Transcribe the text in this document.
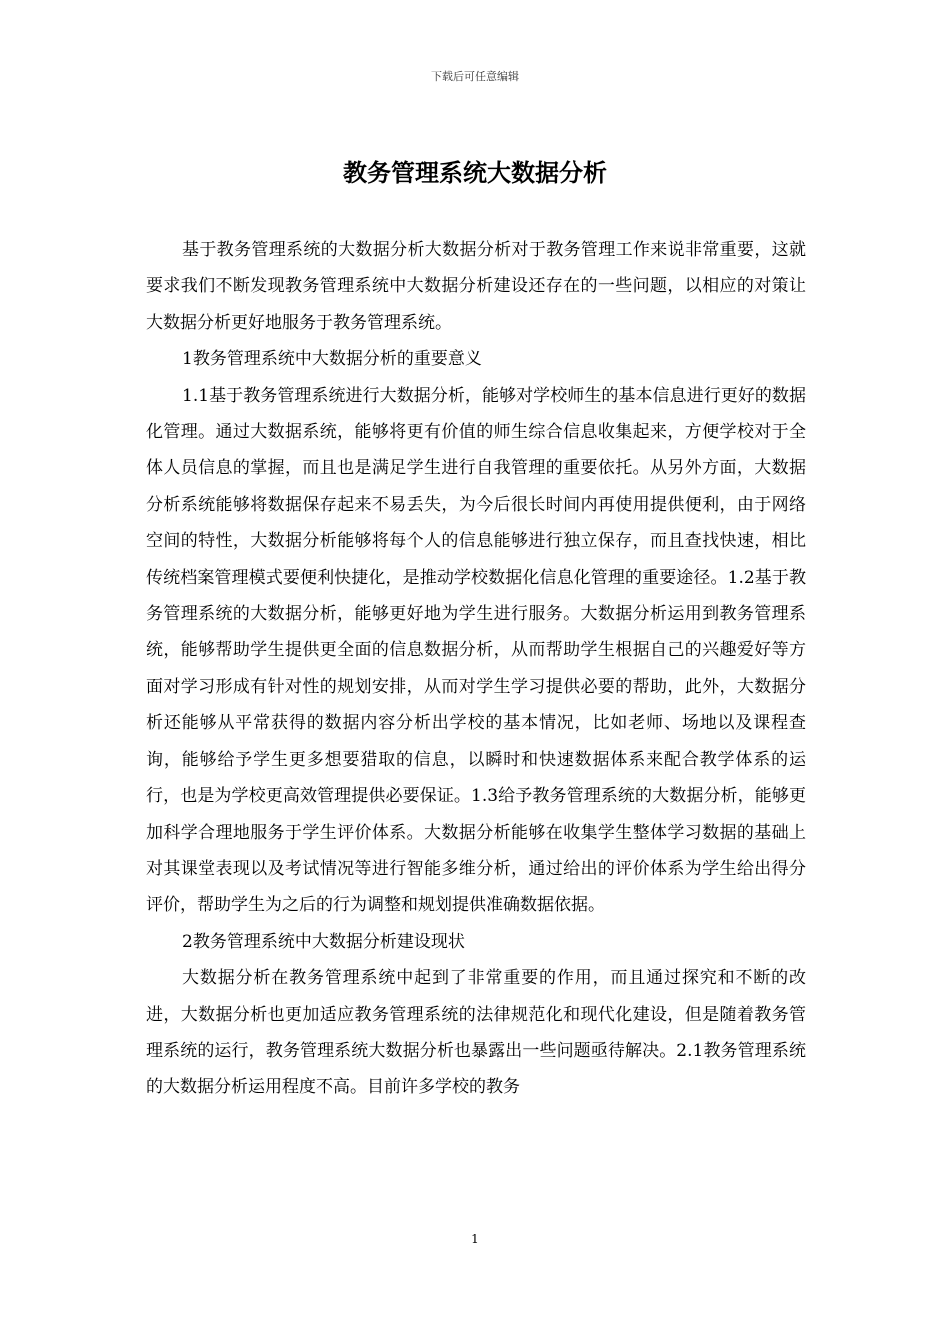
下载后可任意编辑
教务管理系统大数据分析

基于教务管理系统的大数据分析大数据分析对于教务管理工作来说非常重要，这就要求我们不断发现教务管理系统中大数据分析建设还存在的一些问题，以相应的对策让大数据分析更好地服务于教务管理系统。

1教务管理系统中大数据分析的重要意义

1.1基于教务管理系统进行大数据分析，能够对学校师生的基本信息进行更好的数据化管理。通过大数据系统，能够将更有价值的师生综合信息收集起来，方便学校对于全体人员信息的掌握，而且也是满足学生进行自我管理的重要依托。从另外方面，大数据分析系统能够将数据保存起来不易丢失，为今后很长时间内再使用提供便利，由于网络空间的特性，大数据分析能够将每个人的信息能够进行独立保存，而且查找快速，相比传统档案管理模式要便利快捷化，是推动学校数据化信息化管理的重要途径。1.2基于教务管理系统的大数据分析，能够更好地为学生进行服务。大数据分析运用到教务管理系统，能够帮助学生提供更全面的信息数据分析，从而帮助学生根据自己的兴趣爱好等方面对学习形成有针对性的规划安排，从而对学生学习提供必要的帮助，此外，大数据分析还能够从平常获得的数据内容分析出学校的基本情况，比如老师、场地以及课程查询，能够给予学生更多想要猎取的信息，以瞬时和快速数据体系来配合教学体系的运行，也是为学校更高效管理提供必要保证。1.3给予教务管理系统的大数据分析，能够更加科学合理地服务于学生评价体系。大数据分析能够在收集学生整体学习数据的基础上对其课堂表现以及考试情况等进行智能多维分析，通过给出的评价体系为学生给出得分评价，帮助学生为之后的行为调整和规划提供准确数据依据。

2教务管理系统中大数据分析建设现状

大数据分析在教务管理系统中起到了非常重要的作用，而且通过探究和不断的改进，大数据分析也更加适应教务管理系统的法律规范化和现代化建设，但是随着教务管理系统的运行，教务管理系统大数据分析也暴露出一些问题亟待解决。2.1教务管理系统的大数据分析运用程度不高。目前许多学校的教务

1
